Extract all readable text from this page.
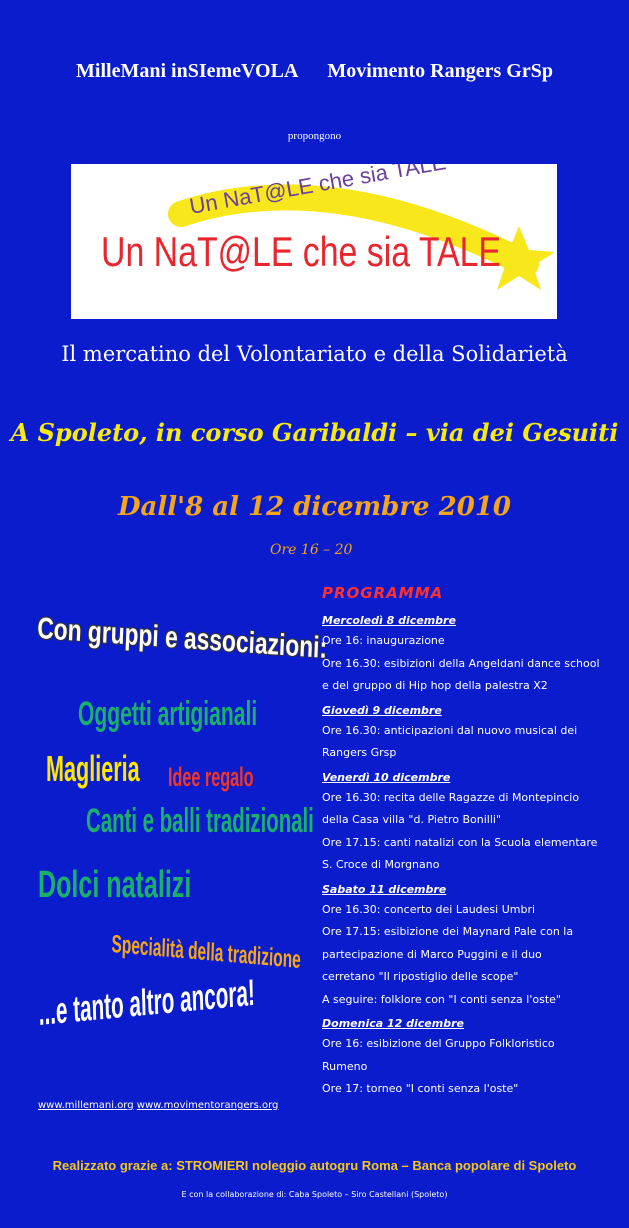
MilleMani inSIemeVOLA Movimento Rangers GrSp
propongono
Un NaT@LE che sia TALE
Un NaT@LE che sia TALE
Il mercatino del Volontariato e della Solidarietà
A Spoleto, in corso Garibaldi – via dei Gesuiti
Dall'8 al 12 dicembre 2010
Ore 16 – 20
Con gruppi e associazioni:
Oggetti artigianali
Maglieria Idee regalo
Canti e balli tradizionali
Dolci natalizi
Specialità della tradizione
...e tanto altro ancora!
www.millemani.org www.movimentorangers.org
PROGRAMMA
Mercoledì 8 dicembre
Ore 16: inaugurazione
Ore 16.30: esibizioni della Angeldani dance school
e del gruppo di Hip hop della palestra X2
Giovedì 9 dicembre
Ore 16.30: anticipazioni dal nuovo musical dei
Rangers Grsp
Venerdì 10 dicembre
Ore 16.30: recita delle Ragazze di Montepincio
della Casa villa "d. Pietro Bonilli"
Ore 17.15: canti natalizi con la Scuola elementare
S. Croce di Morgnano
Sabato 11 dicembre
Ore 16.30: concerto dei Laudesi Umbri
Ore 17.15: esibizione dei Maynard Pale con la
partecipazione di Marco Puggini e il duo
cerretano "Il ripostiglio delle scope"
A seguire: folklore con "I conti senza l'oste"
Domenica 12 dicembre
Ore 16: esibizione del Gruppo Folkloristico
Rumeno
Ore 17: torneo "I conti senza l'oste"
Realizzato grazie a: STROMIERI noleggio autogru Roma – Banca popolare di Spoleto
E con la collaborazione di: Caba Spoleto – Siro Castellani (Spoleto)
